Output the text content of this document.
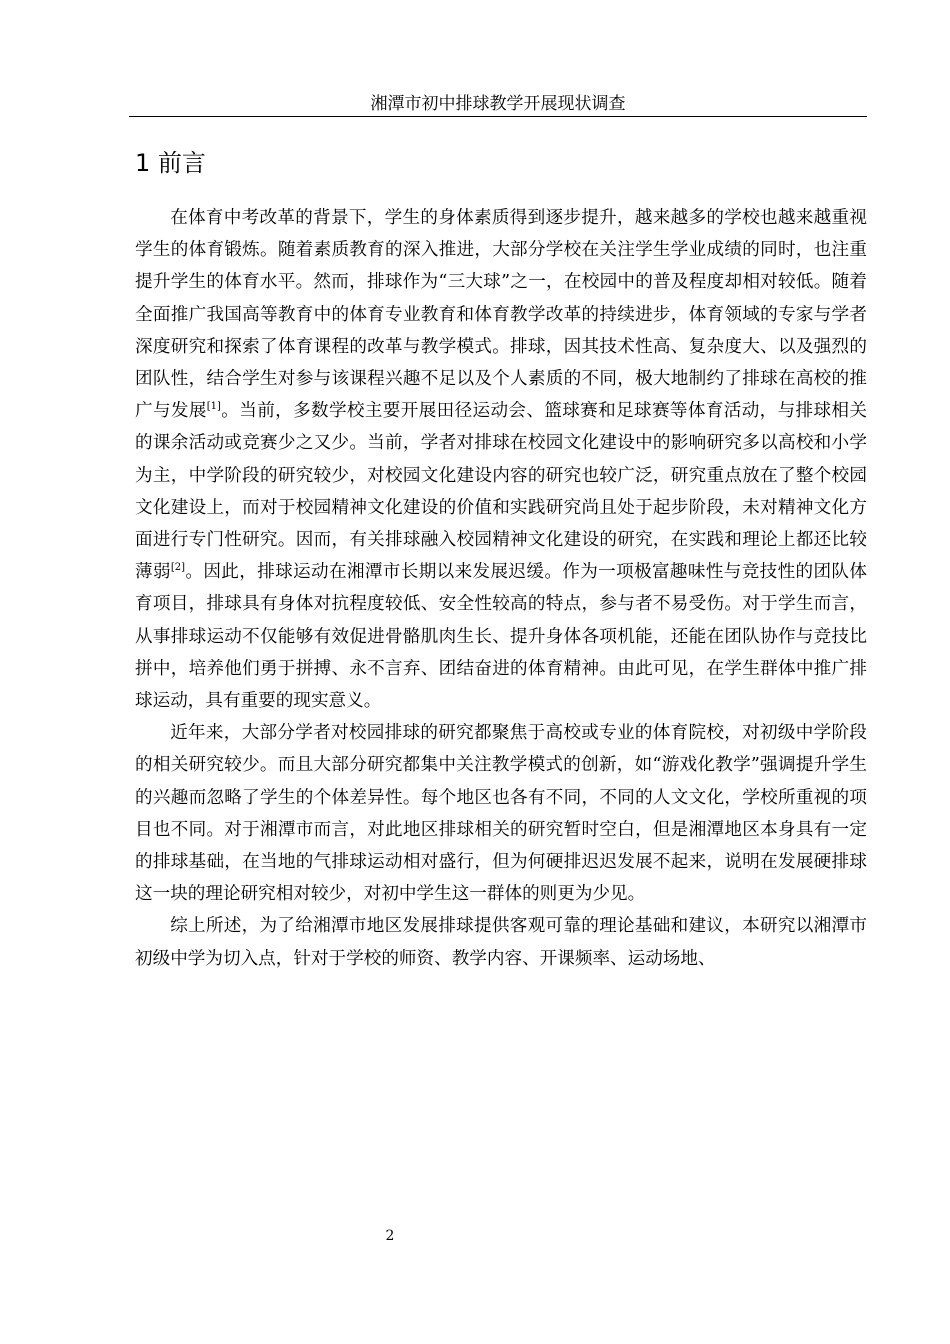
湘潭市初中排球教学开展现状调查
1 前言

在体育中考改革的背景下，学生的身体素质得到逐步提升，越来越多的学校也越来越重视学生的体育锻炼。随着素质教育的深入推进，大部分学校在关注学生学业成绩的同时，也注重提升学生的体育水平。然而，排球作为“三大球”之一，在校园中的普及程度却相对较低。随着全面推广我国高等教育中的体育专业教育和体育教学改革的持续进步，体育领域的专家与学者深度研究和探索了体育课程的改革与教学模式。排球，因其技术性高、复杂度大、以及强烈的团队性，结合学生对参与该课程兴趣不足以及个人素质的不同，极大地制约了排球在高校的推广与发展[1]。当前，多数学校主要开展田径运动会、篮球赛和足球赛等体育活动，与排球相关的课余活动或竞赛少之又少。当前，学者对排球在校园文化建设中的影响研究多以高校和小学为主，中学阶段的研究较少，对校园文化建设内容的研究也较广泛，研究重点放在了整个校园文化建设上，而对于校园精神文化建设的价值和实践研究尚且处于起步阶段，未对精神文化方面进行专门性研究。因而，有关排球融入校园精神文化建设的研究，在实践和理论上都还比较薄弱[2]。因此，排球运动在湘潭市长期以来发展迟缓。作为一项极富趣味性与竞技性的团队体育项目，排球具有身体对抗程度较低、安全性较高的特点，参与者不易受伤。对于学生而言，从事排球运动不仅能够有效促进骨骼肌肉生长、提升身体各项机能，还能在团队协作与竞技比拼中，培养他们勇于拼搏、永不言弃、团结奋进的体育精神。由此可见，在学生群体中推广排球运动，具有重要的现实意义。

近年来，大部分学者对校园排球的研究都聚焦于高校或专业的体育院校，对初级中学阶段的相关研究较少。而且大部分研究都集中关注教学模式的创新，如“游戏化教学”强调提升学生的兴趣而忽略了学生的个体差异性。每个地区也各有不同，不同的人文文化，学校所重视的项目也不同。对于湘潭市而言，对此地区排球相关的研究暂时空白，但是湘潭地区本身具有一定的排球基础，在当地的气排球运动相对盛行，但为何硬排迟迟发展不起来，说明在发展硬排球这一块的理论研究相对较少，对初中学生这一群体的则更为少见。

综上所述，为了给湘潭市地区发展排球提供客观可靠的理论基础和建议，本研究以湘潭市初级中学为切入点，针对于学校的师资、教学内容、开课频率、运动场地、

2
